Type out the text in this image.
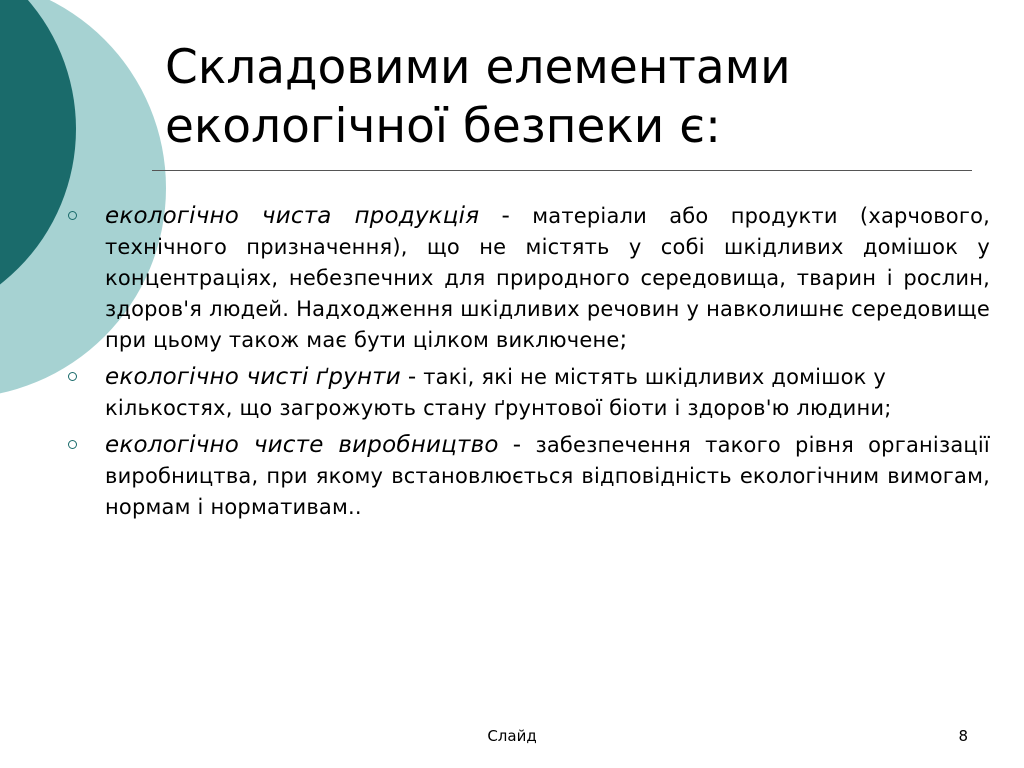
Складовими елементами
екологічної безпеки є:
екологічно чиста продукція - матеріали або продукти (харчового, технічного призначення), що не містять у собі шкідливих домішок у концентраціях, небезпечних для природного середовища, тварин і рослин, здоров'я людей. Надходження шкідливих речовин у навколишнє середовище при цьому також має бути цілком виключене;
екологічно чисті ґрунти - такі, які не містять шкідливих домішок у кількостях, що загрожують стану ґрунтової біоти і здоров'ю людини;
екологічно чисте виробництво - забезпечення такого рівня організації виробництва, при якому встановлюється відповідність екологічним вимогам, нормам і нормативам..
Слайд	8
